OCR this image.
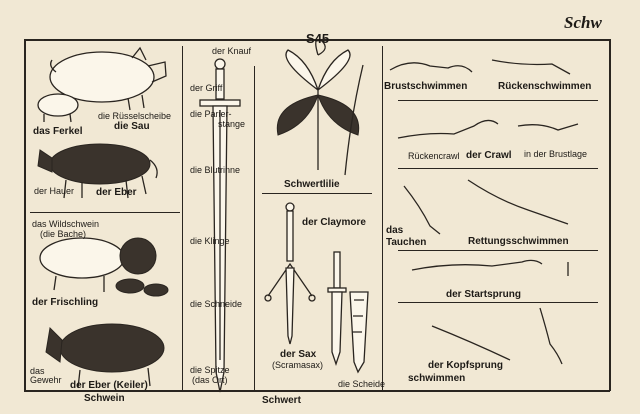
Schw
S45
die Rüsselscheibe
die Sau
das Ferkel
der Hauer der Eber
das Wildschwein
(die Bache)
der Frischling
das Gewehr der Eber (Keiler)
Schwein
der Knauf
der Griff
die Parier-
stange
die Blutrinne
die Klinge
die Schneide
die Spitze
(das Ort)
Schwert
Schwertlilie
der Claymore
der Sax
(Scramasax)
die Scheide
Brustschwimmen	Rückenschwimmen
Rückencrawl der Crawl in der Brustlage
das
Tauchen	Rettungsschwimmen
der Startsprung
der Kopfsprung
schwimmen
